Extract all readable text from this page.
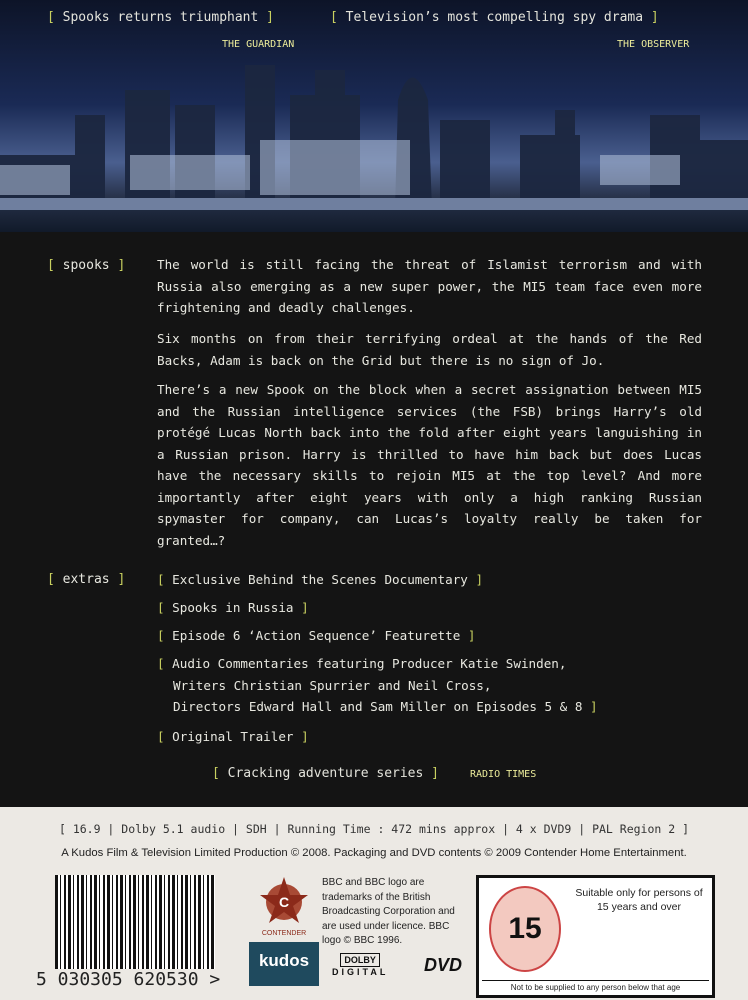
[ Spooks returns triumphant ]
THE GUARDIAN
[ Television’s most compelling spy drama ]
THE OBSERVER
[ spooks ]	The world is still facing the threat of Islamist terrorism and with Russia also emerging as a new super power, the MI5 team face even more frightening and deadly challenges.
Six months on from their terrifying ordeal at the hands of the Red Backs, Adam is back on the Grid but there is no sign of Jo.
There’s a new Spook on the block when a secret assignation between MI5 and the Russian intelligence services (the FSB) brings Harry’s old protégé Lucas North back into the fold after eight years languishing in a Russian prison. Harry is thrilled to have him back but does Lucas have the necessary skills to rejoin MI5 at the top level? And more importantly after eight years with only a high ranking Russian spymaster for company, can Lucas’s loyalty really be taken for granted…?
[ extras ]	[ Exclusive Behind the Scenes Documentary ]
[ Spooks in Russia ]
[ Episode 6 ‘Action Sequence’ Featurette ]
[ Audio Commentaries featuring Producer Katie Swinden,
Writers Christian Spurrier and Neil Cross,
Directors Edward Hall and Sam Miller on Episodes 5 & 8 ]
[ Original Trailer ]
[ Cracking adventure series ]	RADIO TIMES
[ 16.9 | Dolby 5.1 audio | SDH | Running Time : 472 mins approx | 4 x DVD9 | PAL Region 2 ]
A Kudos Film & Television Limited Production © 2008. Packaging and DVD contents © 2009 Contender Home Entertainment.
5 030305 620530 >
C
CONTENDER
BBC and BBC logo are trademarks of the British Broadcasting Corporation and are used under licence. BBC logo © BBC 1996.
kudos	DOLBY
DIGITAL DVD
15
Suitable only for persons of 15 years and over
Not to be supplied to any person below that age
